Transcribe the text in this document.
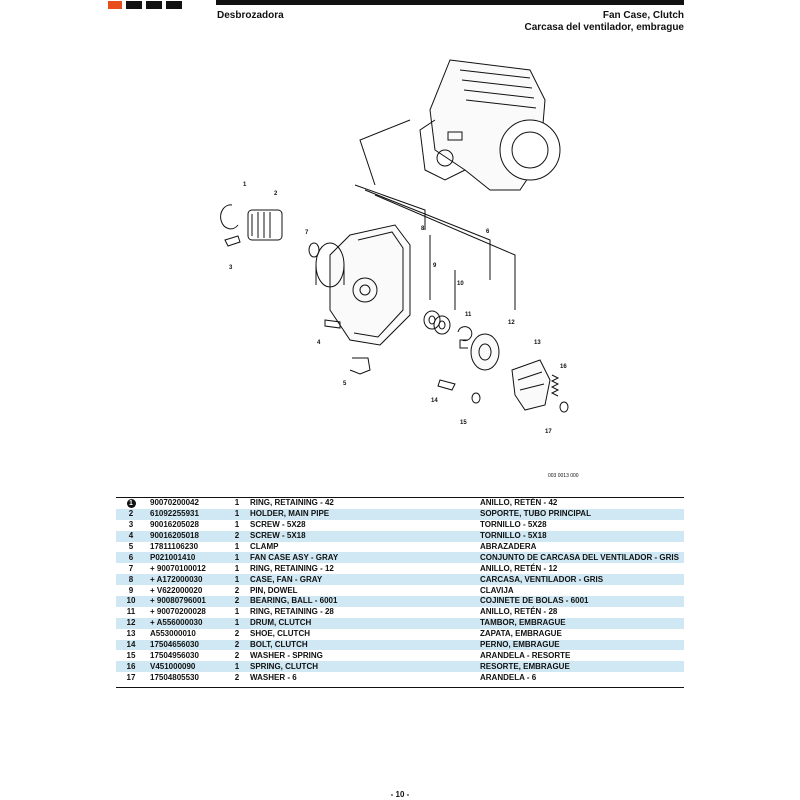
Desbrozadora	Fan Case, Clutch
Carcasa del ventilador, embrague
1
2
3
4
5
6
7
8
9
10
11
12
13
14
15
16
17
003 0013 000
1	90070200042	1	RING, RETAINING - 42	ANILLO, RETÉN - 42
2	61092255931	1	HOLDER, MAIN PIPE	SOPORTE, TUBO PRINCIPAL
3	90016205028	1	SCREW - 5X28	TORNILLO - 5X28
4	90016205018	2	SCREW - 5X18	TORNILLO - 5X18
5	17811106230	1	CLAMP	ABRAZADERA
6	P021001410	1	FAN CASE ASY - GRAY	CONJUNTO DE CARCASA DEL VENTILADOR - GRIS
7	+ 90070100012	1	RING, RETAINING - 12	ANILLO, RETÉN - 12
8	+ A172000030	1	CASE, FAN - GRAY	CARCASA, VENTILADOR - GRIS
9	+ V622000020	2	PIN, DOWEL	CLAVIJA
10	+ 90080796001	2	BEARING, BALL - 6001	COJINETE DE BOLAS - 6001
11	+ 90070200028	1	RING, RETAINING - 28	ANILLO, RETÉN - 28
12	+ A556000030	1	DRUM, CLUTCH	TAMBOR, EMBRAGUE
13	A553000010	2	SHOE, CLUTCH	ZAPATA, EMBRAGUE
14	17504656030	2	BOLT, CLUTCH	PERNO, EMBRAGUE
15	17504956030	2	WASHER - SPRING	ARANDELA - RESORTE
16	V451000090	1	SPRING, CLUTCH	RESORTE, EMBRAGUE
17	17504805530	2	WASHER - 6	ARANDELA - 6
- 10 -
